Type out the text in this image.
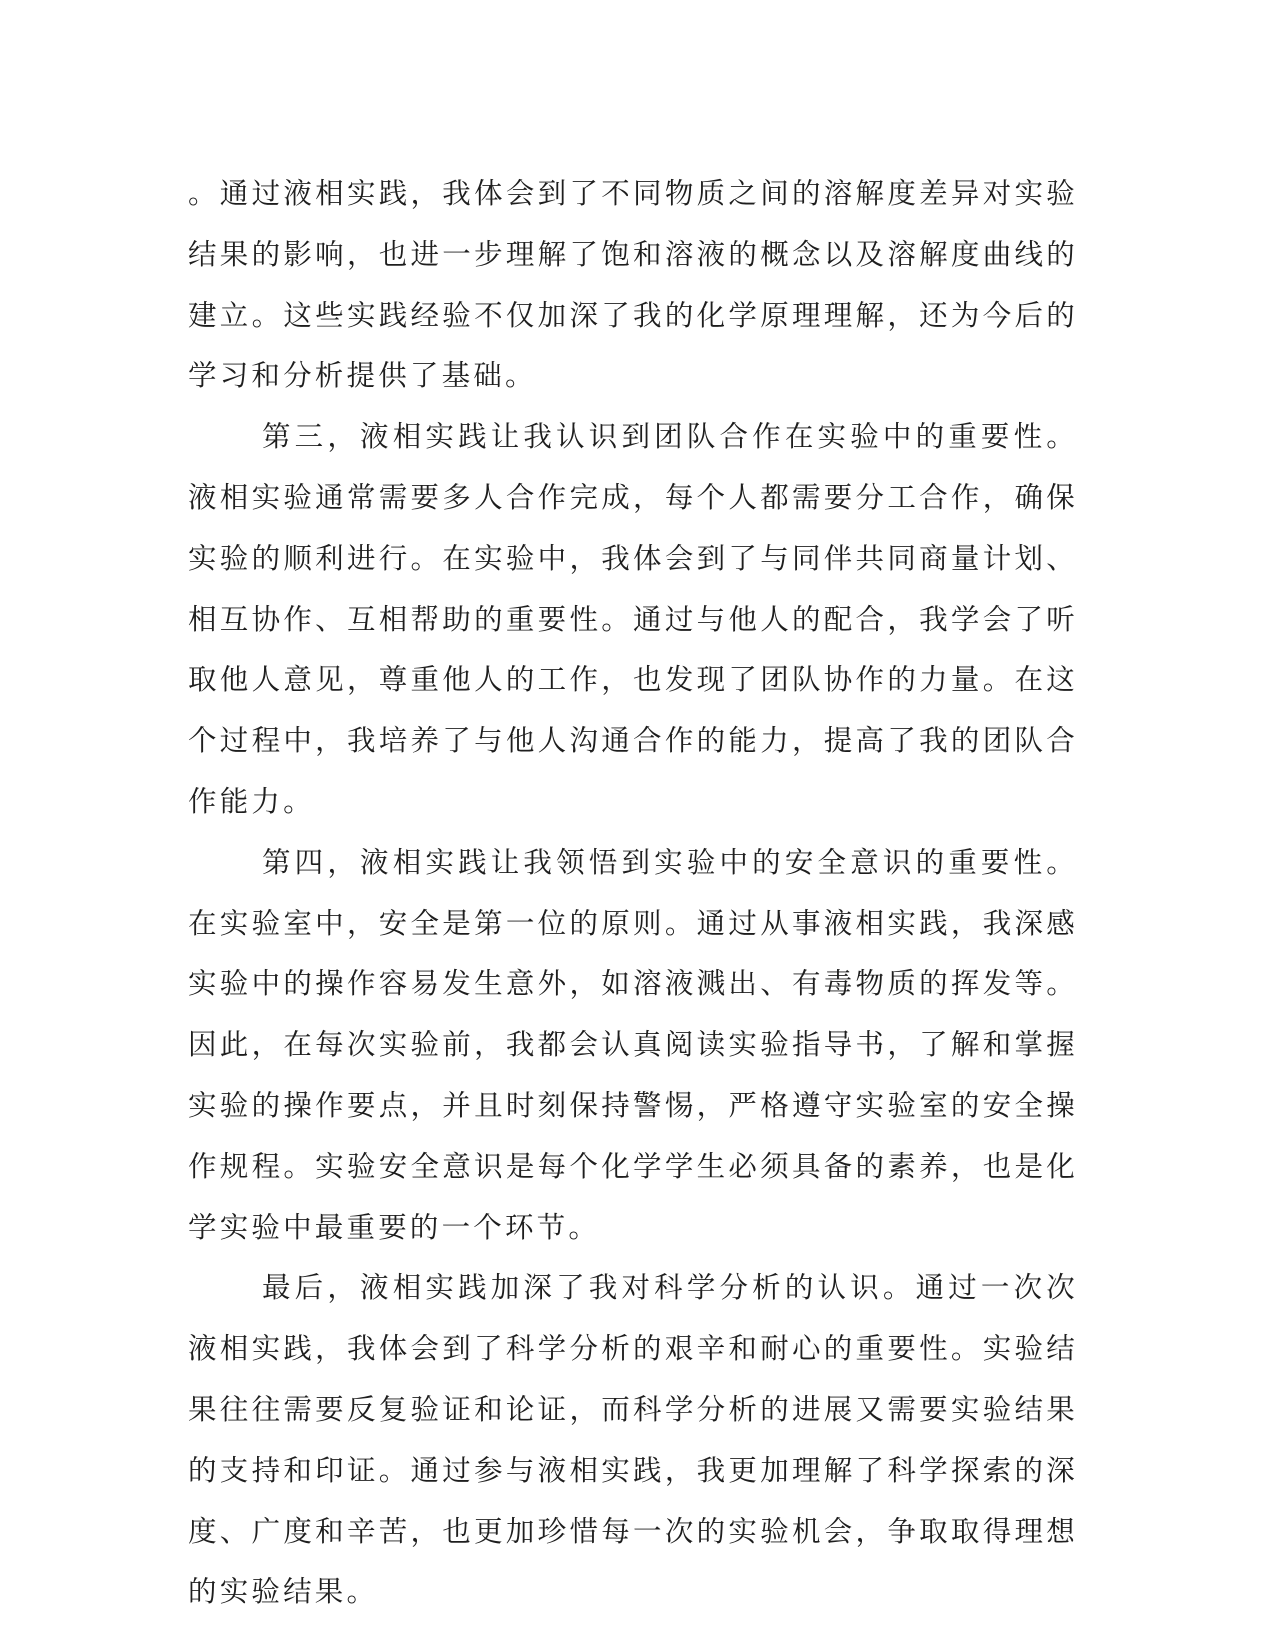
。通过液相实践，我体会到了不同物质之间的溶解度差异对实验结果的影响，也进一步理解了饱和溶液的概念以及溶解度曲线的建立。这些实践经验不仅加深了我的化学原理理解，还为今后的学习和分析提供了基础。

第三，液相实践让我认识到团队合作在实验中的重要性。液相实验通常需要多人合作完成，每个人都需要分工合作，确保实验的顺利进行。在实验中，我体会到了与同伴共同商量计划、相互协作、互相帮助的重要性。通过与他人的配合，我学会了听取他人意见，尊重他人的工作，也发现了团队协作的力量。在这个过程中，我培养了与他人沟通合作的能力，提高了我的团队合作能力。

第四，液相实践让我领悟到实验中的安全意识的重要性。在实验室中，安全是第一位的原则。通过从事液相实践，我深感实验中的操作容易发生意外，如溶液溅出、有毒物质的挥发等。因此，在每次实验前，我都会认真阅读实验指导书，了解和掌握实验的操作要点，并且时刻保持警惕，严格遵守实验室的安全操作规程。实验安全意识是每个化学学生必须具备的素养，也是化学实验中最重要的一个环节。

最后，液相实践加深了我对科学分析的认识。通过一次次液相实践，我体会到了科学分析的艰辛和耐心的重要性。实验结果往往需要反复验证和论证，而科学分析的进展又需要实验结果的支持和印证。通过参与液相实践，我更加理解了科学探索的深度、广度和辛苦，也更加珍惜每一次的实验机会，争取取得理想的实验结果。
